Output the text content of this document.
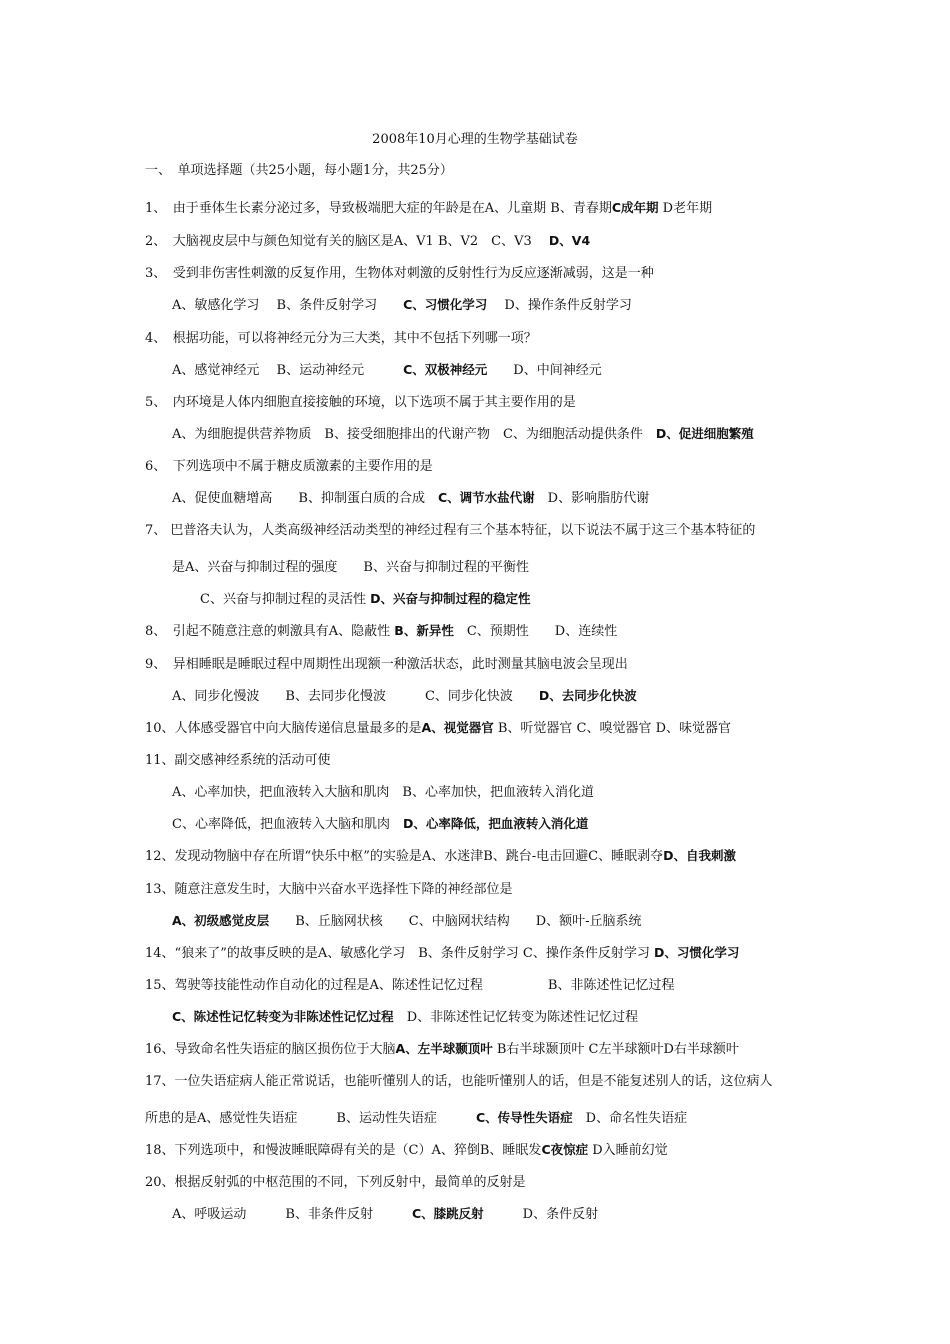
2008年10月心理的生物学基础试卷
一、　单项选择题（共25小题，每小题1分，共25分）
1、　由于垂体生长素分泌过多，导致极端肥大症的年龄是在A、儿童期 B、青春期C成年期 D老年期
2、　大脑视皮层中与颜色知觉有关的脑区是A、V1 B、V2　C、V3　 D、V4
3、　受到非伤害性刺激的反复作用，生物体对刺激的反射性行为反应逐渐减弱，这是一种
A、敏感化学习　 B、条件反射学习　　C、习惯化学习　 D、操作条件反射学习
4、　根据功能，可以将神经元分为三大类，其中不包括下列哪一项？
A、感觉神经元　 B、运动神经元　　　C、双极神经元　　D、中间神经元
5、　内环境是人体内细胞直接接触的环境，以下选项不属于其主要作用的是
A、为细胞提供营养物质　B、接受细胞排出的代谢产物　C、为细胞活动提供条件　D、促进细胞繁殖
6、　下列选项中不属于糖皮质激素的主要作用的是
A、促使血糖增高　　B、抑制蛋白质的合成　C、调节水盐代谢　D、影响脂肪代谢
7、 巴普洛夫认为，人类高级神经活动类型的神经过程有三个基本特征，以下说法不属于这三个基本特征的
是A、兴奋与抑制过程的强度　　B、兴奋与抑制过程的平衡性
C、兴奋与抑制过程的灵活性 D、兴奋与抑制过程的稳定性
8、　引起不随意注意的刺激具有A、隐蔽性 B、新异性　C、预期性　　D、连续性
9、　异相睡眠是睡眠过程中周期性出现额一种激活状态，此时测量其脑电波会呈现出
A、同步化慢波　　B、去同步化慢波　　　C、同步化快波　　D、去同步化快波
10、人体感受器官中向大脑传递信息量最多的是A、视觉器官 B、听觉器官 C、嗅觉器官 D、味觉器官
11、副交感神经系统的活动可使
A、心率加快，把血液转入大脑和肌肉　B、心率加快，把血液转入消化道
C、心率降低，把血液转入大脑和肌肉　D、心率降低，把血液转入消化道
12、发现动物脑中存在所谓“快乐中枢”的实验是A、水迷津B、跳台-电击回避C、睡眠剥夺D、自我刺激
13、随意注意发生时，大脑中兴奋水平选择性下降的神经部位是
A、初级感觉皮层　　B、丘脑网状核　　C、中脑网状结构　　D、额叶-丘脑系统
14、“狼来了”的故事反映的是A、敏感化学习　B、条件反射学习 C、操作条件反射学习 D、习惯化学习
15、驾驶等技能性动作自动化的过程是A、陈述性记忆过程　　　　　B、非陈述性记忆过程
C、陈述性记忆转变为非陈述性记忆过程　D、非陈述性记忆转变为陈述性记忆过程
16、导致命名性失语症的脑区损伤位于大脑A、左半球颞顶叶 B右半球颞顶叶 C左半球额叶D右半球额叶
17、一位失语症病人能正常说话，也能听懂别人的话，也能听懂别人的话，但是不能复述别人的话，这位病人
所患的是A、感觉性失语症　　　B、运动性失语症　　　C、传导性失语症　D、命名性失语症
18、下列选项中，和慢波睡眠障碍有关的是（C）A、猝倒B、睡眠发C夜惊症 D入睡前幻觉
20、根据反射弧的中枢范围的不同，下列反射中，最简单的反射是
A、呼吸运动　　　B、非条件反射　　　C、膝跳反射　　　D、条件反射
